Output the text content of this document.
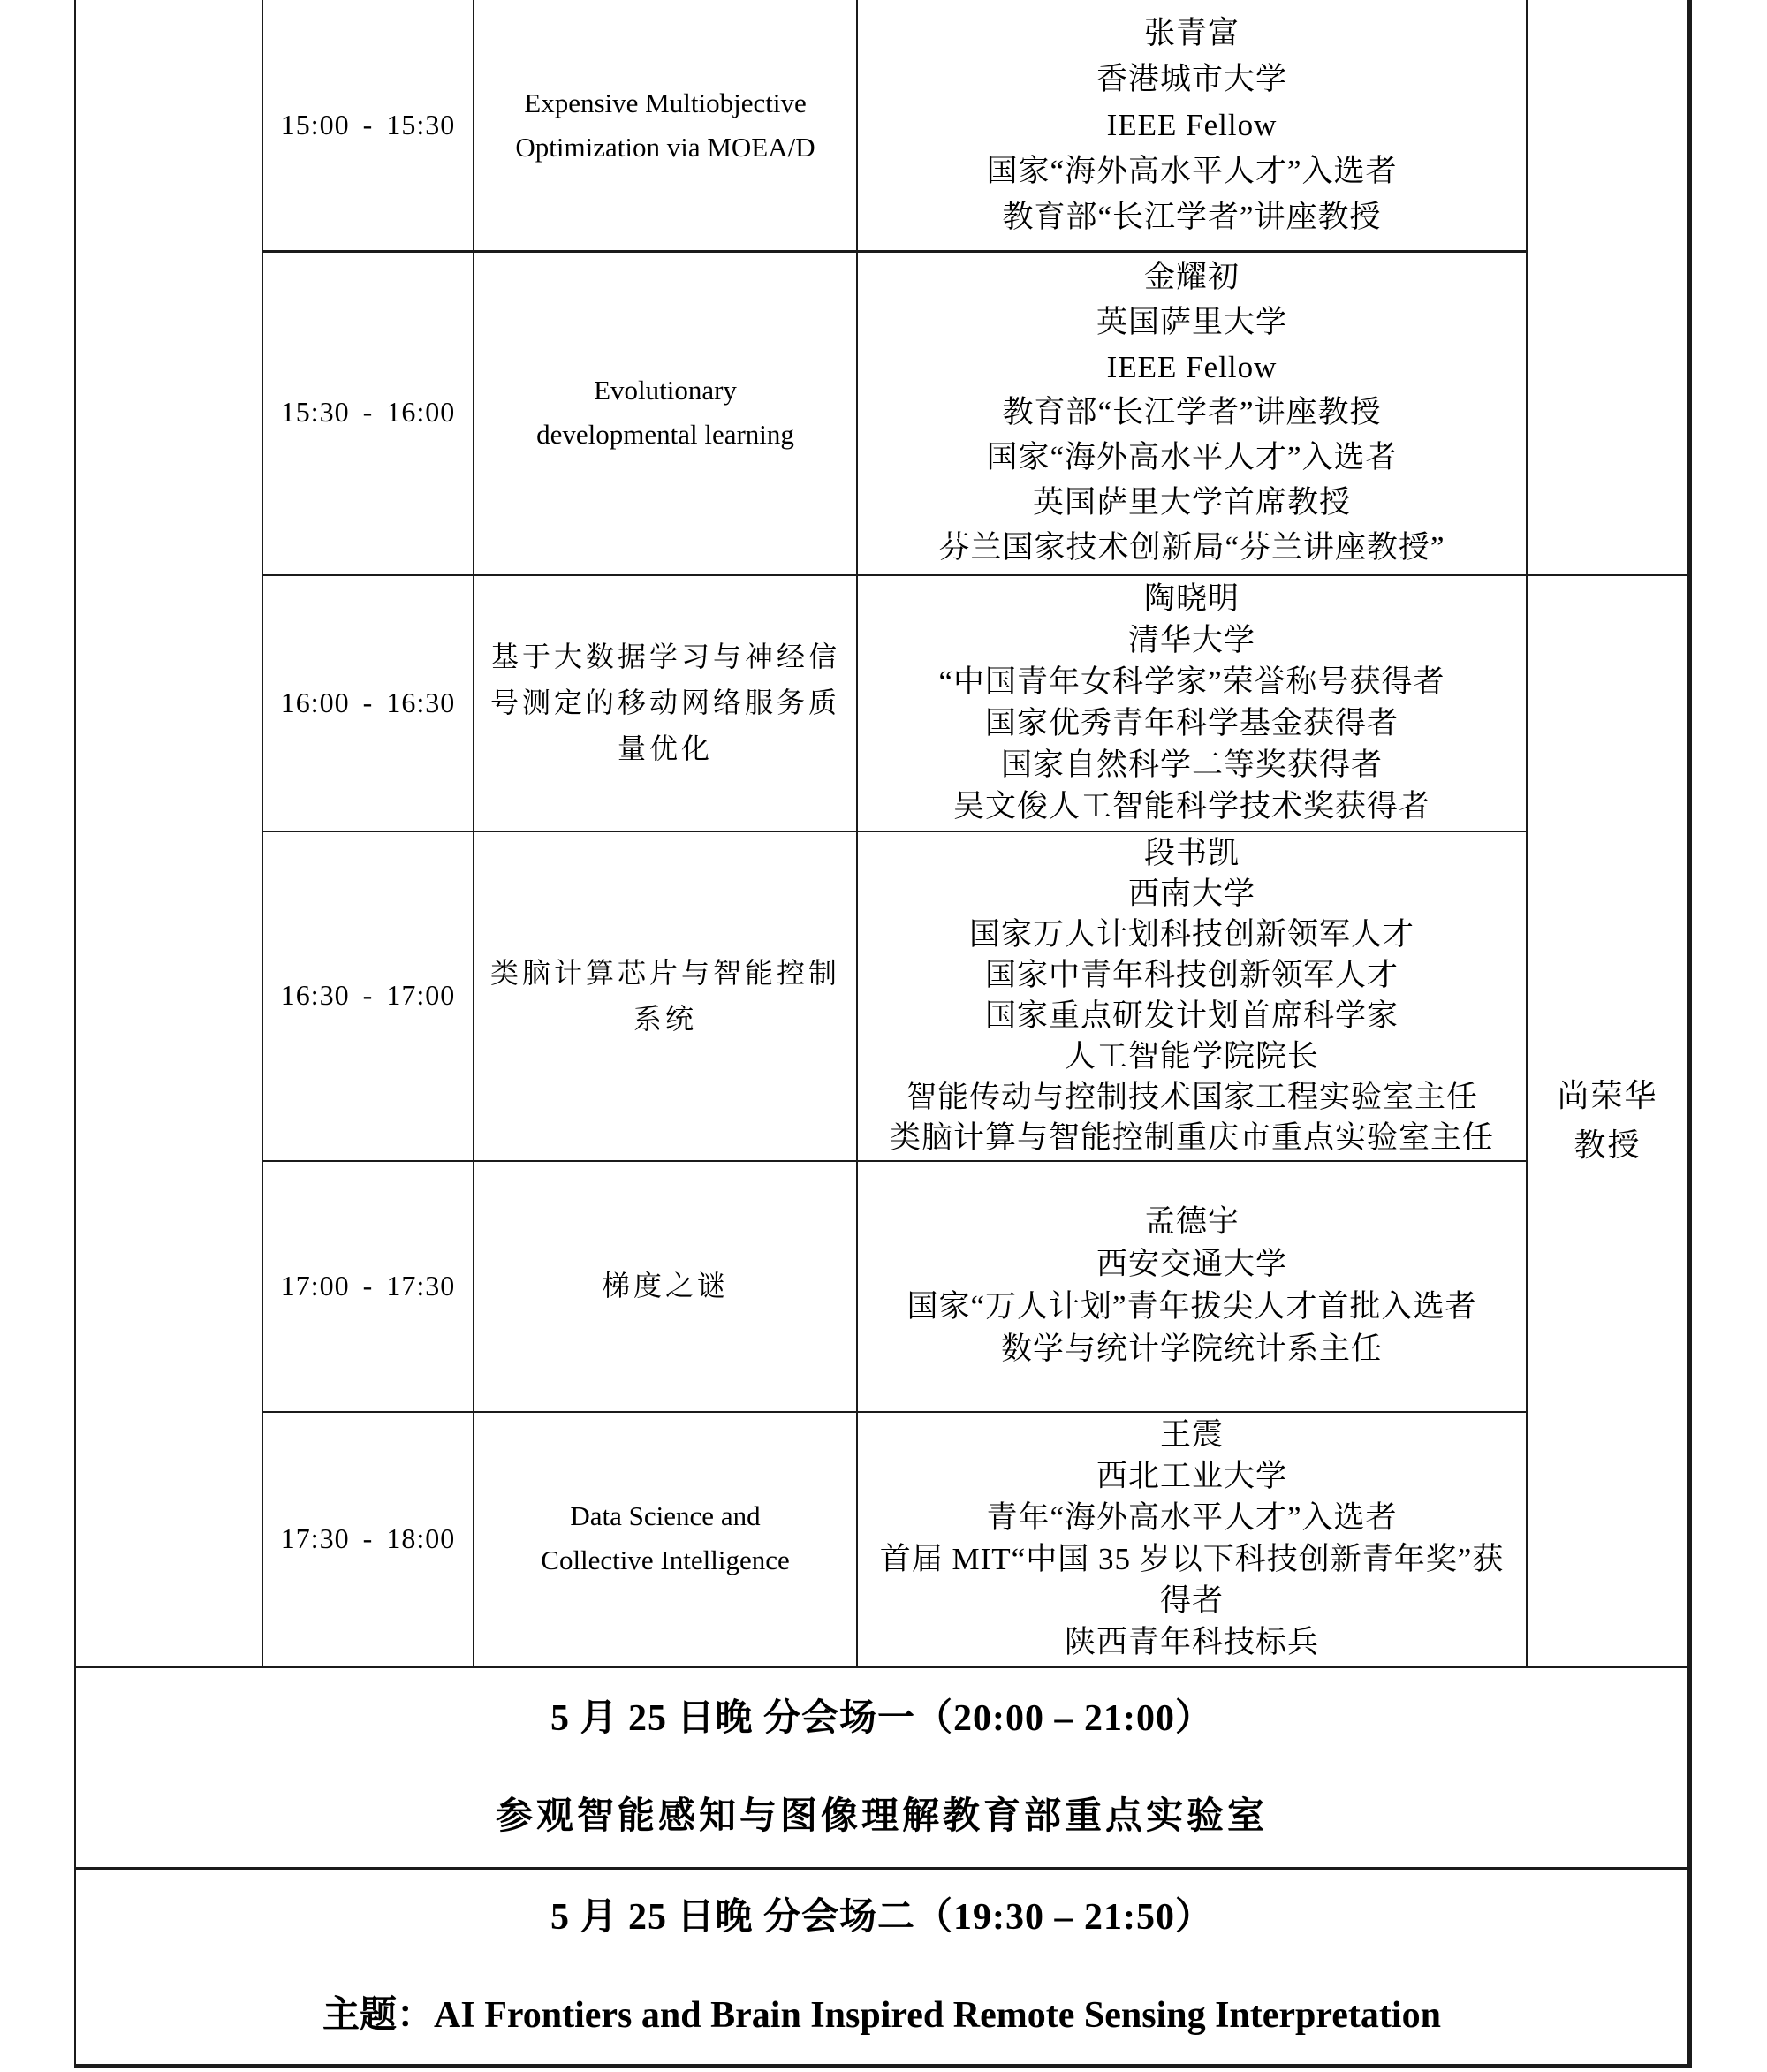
15:00 - 15:30
Expensive Multiobjective
Optimization via MOEA/D
张青富
香港城市大学
IEEE Fellow
国家“海外高水平人才”入选者
教育部“长江学者”讲座教授
15:30 - 16:00
Evolutionary
developmental learning
金耀初
英国萨里大学
IEEE Fellow
教育部“长江学者”讲座教授
国家“海外高水平人才”入选者
英国萨里大学首席教授
芬兰国家技术创新局“芬兰讲座教授”
16:00 - 16:30
基于大数据学习与神经信
号测定的移动网络服务质
量优化
陶晓明
清华大学
“中国青年女科学家”荣誉称号获得者
国家优秀青年科学基金获得者
国家自然科学二等奖获得者
吴文俊人工智能科学技术奖获得者
16:30 - 17:00
类脑计算芯片与智能控制
系统
段书凯
西南大学
国家万人计划科技创新领军人才
国家中青年科技创新领军人才
国家重点研发计划首席科学家
人工智能学院院长
智能传动与控制技术国家工程实验室主任
类脑计算与智能控制重庆市重点实验室主任
17:00 - 17:30	梯度之谜
孟德宇
西安交通大学
国家“万人计划”青年拔尖人才首批入选者
数学与统计学院统计系主任
17:30 - 18:00
Data Science and
Collective Intelligence
王震
西北工业大学
青年“海外高水平人才”入选者
首届 MIT“中国 35 岁以下科技创新青年奖”获
得者
陕西青年科技标兵
尚荣华
教授
5 月 25 日晚 分会场一（20:00 – 21:00）
参观智能感知与图像理解教育部重点实验室
5 月 25 日晚 分会场二（19:30 – 21:50）
主题：AI Frontiers and Brain Inspired Remote Sensing Interpretation
